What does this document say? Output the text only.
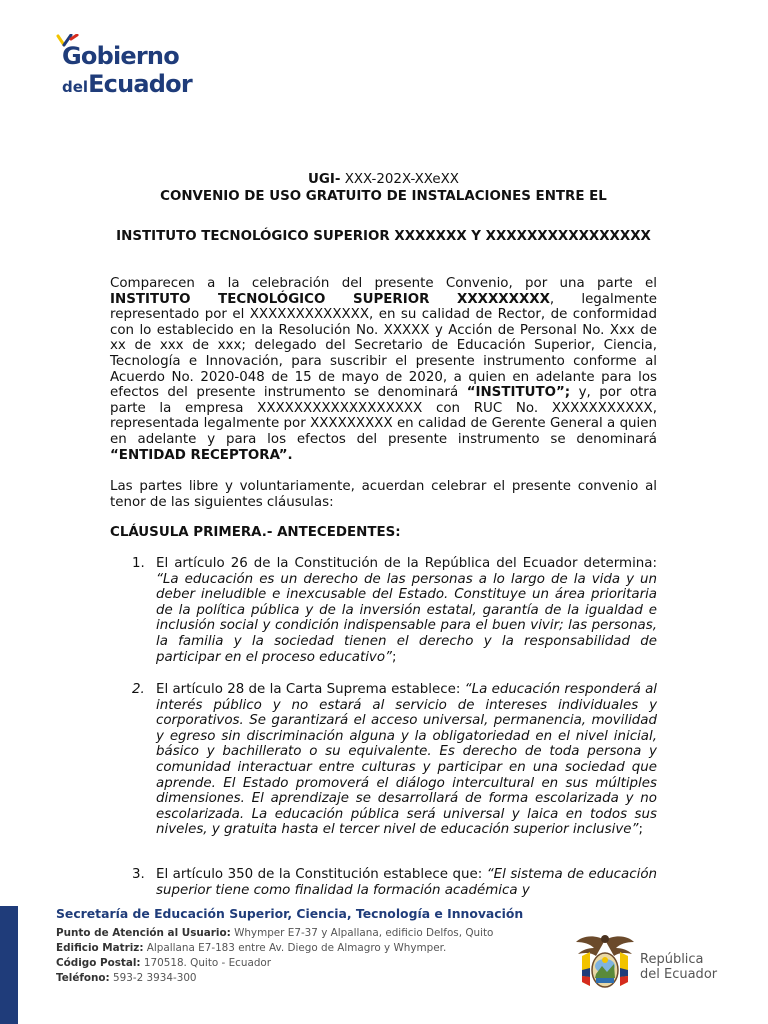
Gobierno
delEcuador

UGI- XXX-202X-XXeXX

CONVENIO DE USO GRATUITO DE INSTALACIONES ENTRE EL

INSTITUTO TECNOLÓGICO SUPERIOR XXXXXXX Y XXXXXXXXXXXXXXXX

Comparecen a la celebración del presente Convenio, por una parte el INSTITUTO TECNOLÓGICO SUPERIOR XXXXXXXXX, legalmente representado por el XXXXXXXXXXXXX, en su calidad de Rector, de conformidad con lo establecido en la Resolución No. XXXXX y Acción de Personal No. Xxx de xx de xxx de xxx; delegado del Secretario de Educación Superior, Ciencia, Tecnología e Innovación, para suscribir el presente instrumento conforme al Acuerdo No. 2020-048 de 15 de mayo de 2020, a quien en adelante para los efectos del presente instrumento se denominará “INSTITUTO”; y, por otra parte la empresa XXXXXXXXXXXXXXXXXX con RUC No. XXXXXXXXXXX, representada legalmente por XXXXXXXXX en calidad de Gerente General a quien en adelante y para los efectos del presente instrumento se denominará “ENTIDAD RECEPTORA”.

Las partes libre y voluntariamente, acuerdan celebrar el presente convenio al tenor de las siguientes cláusulas:

CLÁUSULA PRIMERA.- ANTECEDENTES:

1. El artículo 26 de la Constitución de la República del Ecuador determina: “La educación es un derecho de las personas a lo largo de la vida y un deber ineludible e inexcusable del Estado. Constituye un área prioritaria de la política pública y de la inversión estatal, garantía de la igualdad e inclusión social y condición indispensable para el buen vivir; las personas, la familia y la sociedad tienen el derecho y la responsabilidad de participar en el proceso educativo”;

2. El artículo 28 de la Carta Suprema establece: “La educación responderá al interés público y no estará al servicio de intereses individuales y corporativos. Se garantizará el acceso universal, permanencia, movilidad y egreso sin discriminación alguna y la obligatoriedad en el nivel inicial, básico y bachillerato o su equivalente. Es derecho de toda persona y comunidad interactuar entre culturas y participar en una sociedad que aprende. El Estado promoverá el diálogo intercultural en sus múltiples dimensiones. El aprendizaje se desarrollará de forma escolarizada y no escolarizada. La educación pública será universal y laica en todos sus niveles, y gratuita hasta el tercer nivel de educación superior inclusive”;

3. El artículo 350 de la Constitución establece que: “El sistema de educación superior tiene como finalidad la formación académica y

Secretaría de Educación Superior, Ciencia, Tecnología e Innovación
Punto de Atención al Usuario: Whymper E7-37 y Alpallana, edificio Delfos, Quito
Edificio Matriz: Alpallana E7-183 entre Av. Diego de Almagro y Whymper.
Código Postal: 170518. Quito - Ecuador
Teléfono: 593-2 3934-300
República
del Ecuador
